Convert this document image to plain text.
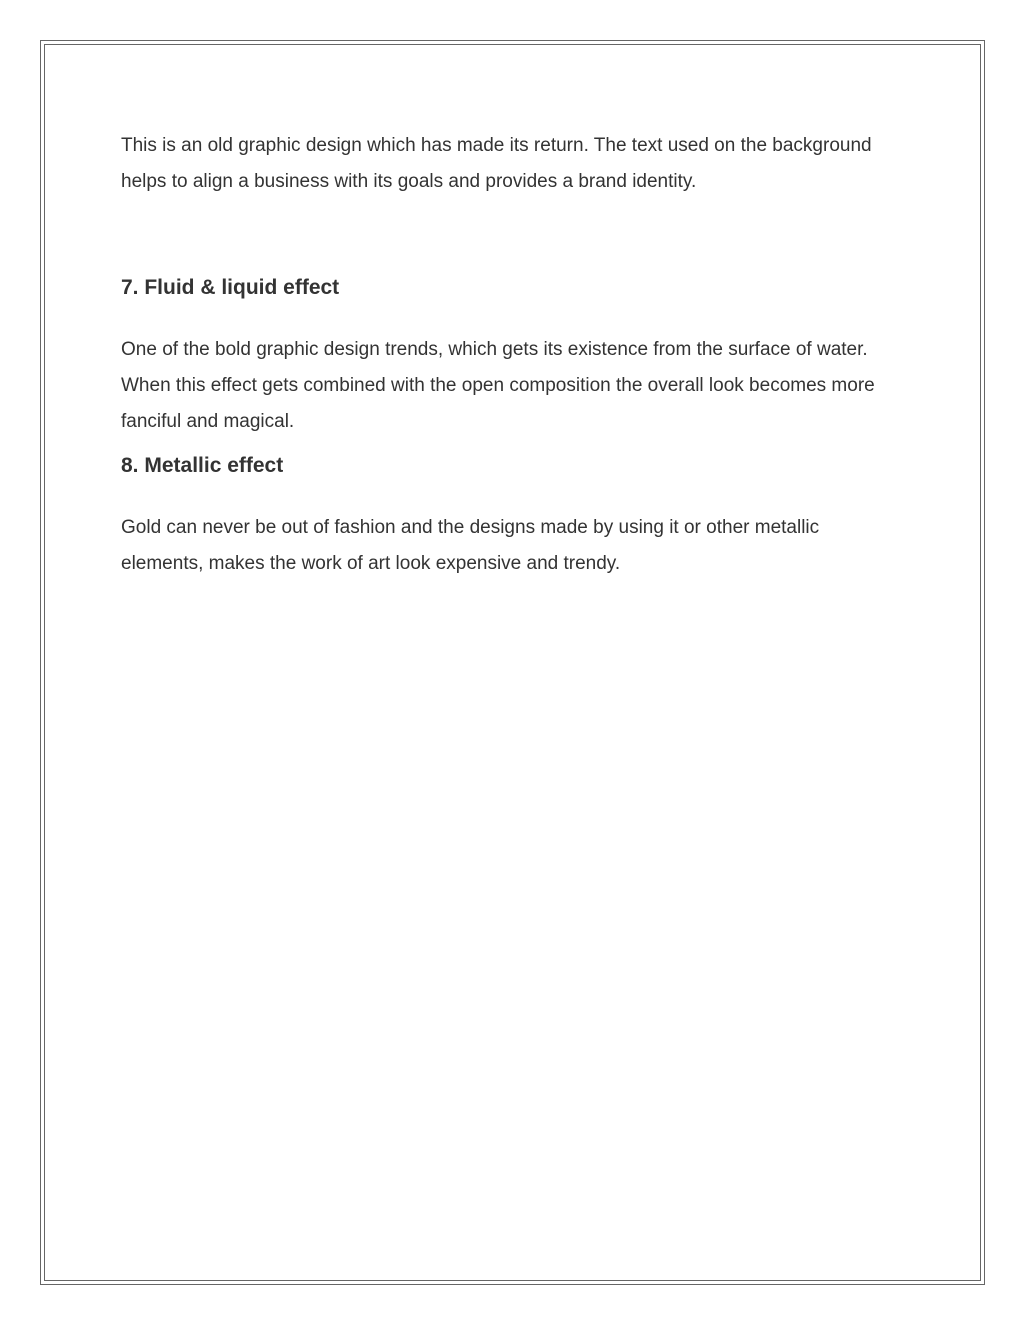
This is an old graphic design which has made its return. The text used on the background helps to align a business with its goals and provides a brand identity.

7. Fluid & liquid effect

One of the bold graphic design trends, which gets its existence from the surface of water. When this effect gets combined with the open composition the overall look becomes more fanciful and magical.

8. Metallic effect

Gold can never be out of fashion and the designs made by using it or other metallic elements, makes the work of art look expensive and trendy.
